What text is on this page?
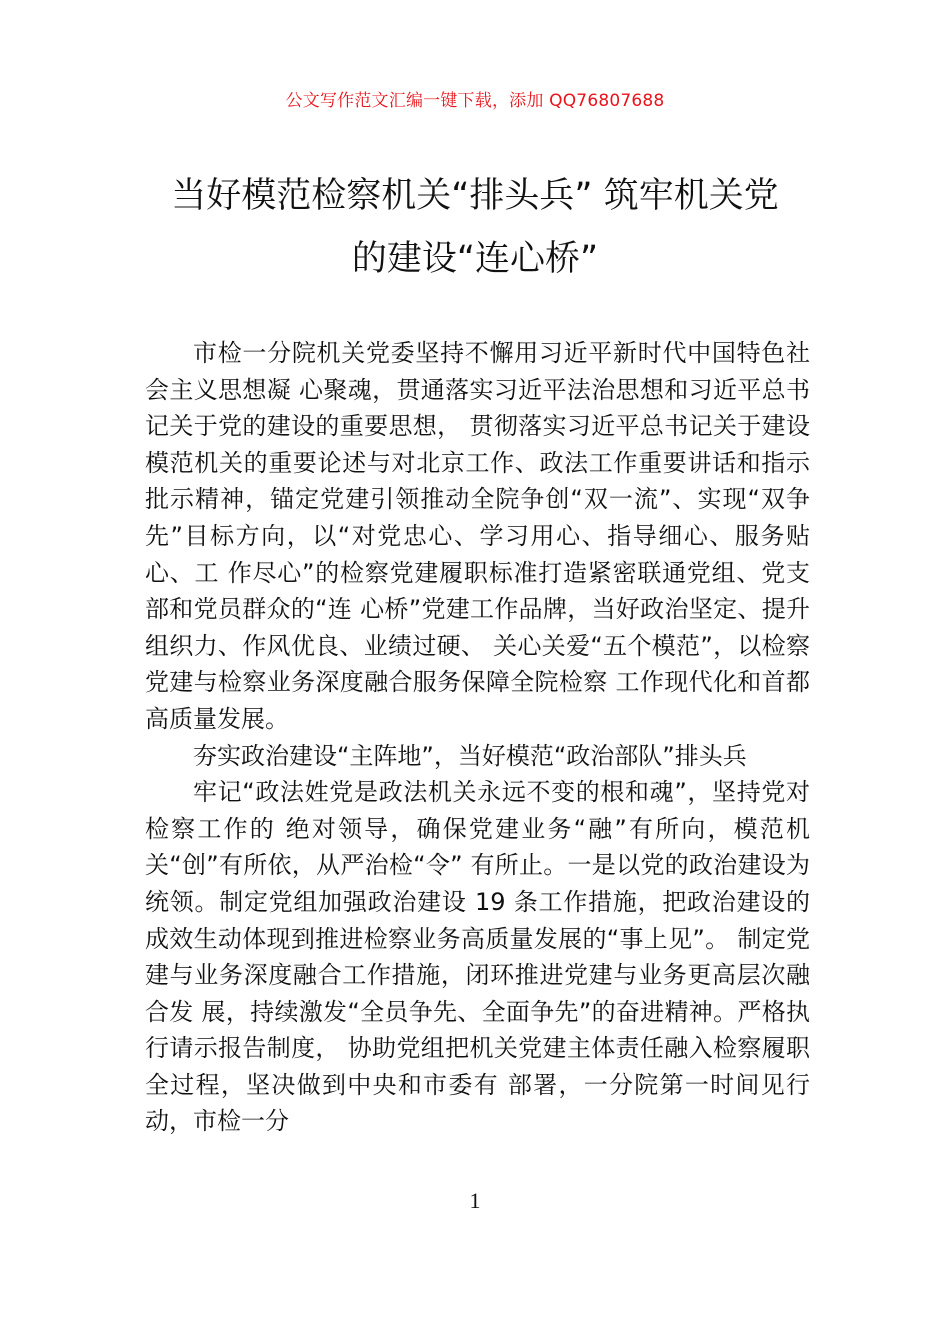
公文写作范文汇编一键下载，添加 QQ76807688
当好模范检察机关“排头兵” 筑牢机关党
的建设“连心桥”

市检一分院机关党委坚持不懈用习近平新时代中国特色社会主义思想凝 心聚魂，贯通落实习近平法治思想和习近平总书记关于党的建设的重要思想， 贯彻落实习近平总书记关于建设模范机关的重要论述与对北京工作、政法工作重要讲话和指示批示精神，锚定党建引领推动全院争创“双一流”、实现“双争先”目标方向，以“对党忠心、学习用心、指导细心、服务贴心、工 作尽心”的检察党建履职标准打造紧密联通党组、党支部和党员群众的“连 心桥”党建工作品牌，当好政治坚定、提升组织力、作风优良、业绩过硬、 关心关爱“五个模范”，以检察党建与检察业务深度融合服务保障全院检察 工作现代化和首都高质量发展。

夯实政治建设“主阵地”，当好模范“政治部队”排头兵

牢记“政法姓党是政法机关永远不变的根和魂”，坚持党对检察工作的 绝对领导，确保党建业务“融”有所向，模范机关“创”有所依，从严治检“令” 有所止。一是以党的政治建设为统领。制定党组加强政治建设 19 条工作措施，把政治建设的成效生动体现到推进检察业务高质量发展的“事上见”。 制定党建与业务深度融合工作措施，闭环推进党建与业务更高层次融合发 展，持续激发“全员争先、全面争先”的奋进精神。严格执行请示报告制度， 协助党组把机关党建主体责任融入检察履职全过程，坚决做到中央和市委有 部署，一分院第一时间见行动，市检一分

1
